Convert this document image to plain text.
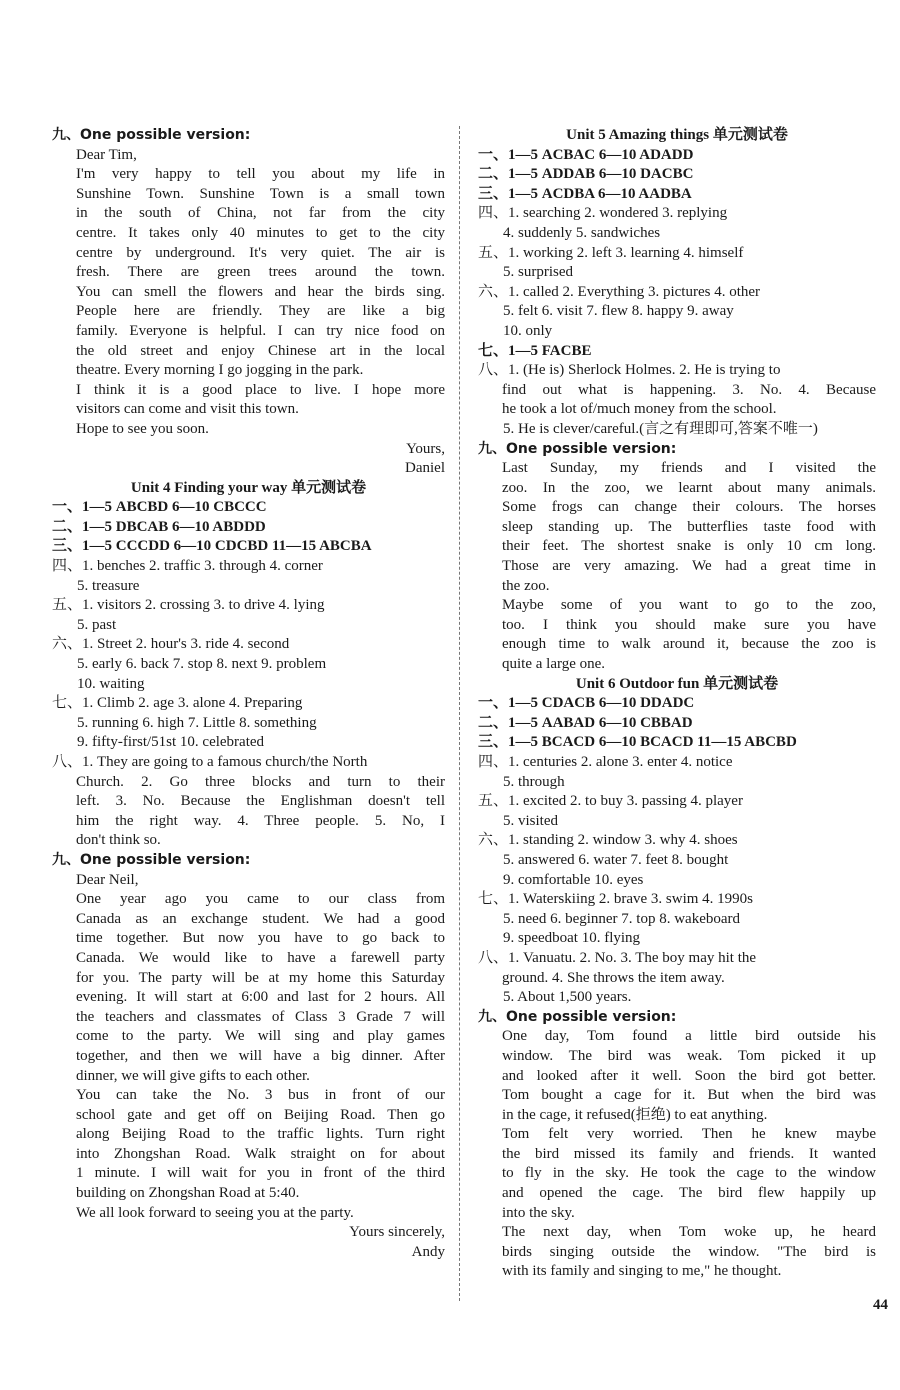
九、One possible version:
Dear Tim,
I'm very happy to tell you about my life in
Sunshine Town. Sunshine Town is a small town
in the south of China, not far from the city
centre. It takes only 40 minutes to get to the city
centre by underground. It's very quiet. The air is
fresh. There are green trees around the town.
You can smell the flowers and hear the birds sing.
People here are friendly. They are like a big
family. Everyone is helpful. I can try nice food on
the old street and enjoy Chinese art in the local
theatre. Every morning I go jogging in the park.
I think it is a good place to live. I hope more
visitors can come and visit this town.
Hope to see you soon.
Yours,
Daniel
Unit 4 Finding your way 单元测试卷
一、1—5 ABCBD 6—10 CBCCC
二、1—5 DBCAB 6—10 ABDDD
三、1—5 CCCDD 6—10 CDCBD 11—15 ABCBA
四、1. benches 2. traffic 3. through 4. corner
5. treasure
五、1. visitors 2. crossing 3. to drive 4. lying
5. past
六、1. Street 2. hour's 3. ride 4. second
5. early 6. back 7. stop 8. next 9. problem
10. waiting
七、1. Climb 2. age 3. alone 4. Preparing
5. running 6. high 7. Little 8. something
9. fifty-first/51st 10. celebrated
八、1. They are going to a famous church/the North
Church. 2. Go three blocks and turn to their
left. 3. No. Because the Englishman doesn't tell
him the right way. 4. Three people. 5. No, I
don't think so.
九、One possible version:
Dear Neil,
One year ago you came to our class from
Canada as an exchange student. We had a good
time together. But now you have to go back to
Canada. We would like to have a farewell party
for you. The party will be at my home this Saturday
evening. It will start at 6:00 and last for 2 hours. All
the teachers and classmates of Class 3 Grade 7 will
come to the party. We will sing and play games
together, and then we will have a big dinner. After
dinner, we will give gifts to each other.
You can take the No. 3 bus in front of our
school gate and get off on Beijing Road. Then go
along Beijing Road to the traffic lights. Turn right
into Zhongshan Road. Walk straight on for about
1 minute. I will wait for you in front of the third
building on Zhongshan Road at 5:40.
We all look forward to seeing you at the party.
Yours sincerely,
Andy
Unit 5 Amazing things 单元测试卷
一、1—5 ACBAC 6—10 ADADD
二、1—5 ADDAB 6—10 DACBC
三、1—5 ACDBA 6—10 AADBA
四、1. searching 2. wondered 3. replying
4. suddenly 5. sandwiches
五、1. working 2. left 3. learning 4. himself
5. surprised
六、1. called 2. Everything 3. pictures 4. other
5. felt 6. visit 7. flew 8. happy 9. away
10. only
七、1—5 FACBE
八、1. (He is) Sherlock Holmes. 2. He is trying to
find out what is happening. 3. No. 4. Because
he took a lot of/much money from the school.
5. He is clever/careful.(言之有理即可,答案不唯一)
九、One possible version:
Last Sunday, my friends and I visited the
zoo. In the zoo, we learnt about many animals.
Some frogs can change their colours. The horses
sleep standing up. The butterflies taste food with
their feet. The shortest snake is only 10 cm long.
Those are very amazing. We had a great time in
the zoo.
Maybe some of you want to go to the zoo,
too. I think you should make sure you have
enough time to walk around it, because the zoo is
quite a large one.
Unit 6 Outdoor fun 单元测试卷
一、1—5 CDACB 6—10 DDADC
二、1—5 AABAD 6—10 CBBAD
三、1—5 BCACD 6—10 BCACD 11—15 ABCBD
四、1. centuries 2. alone 3. enter 4. notice
5. through
五、1. excited 2. to buy 3. passing 4. player
5. visited
六、1. standing 2. window 3. why 4. shoes
5. answered 6. water 7. feet 8. bought
9. comfortable 10. eyes
七、1. Waterskiing 2. brave 3. swim 4. 1990s
5. need 6. beginner 7. top 8. wakeboard
9. speedboat 10. flying
八、1. Vanuatu. 2. No. 3. The boy may hit the
ground. 4. She throws the item away.
5. About 1,500 years.
九、One possible version:
One day, Tom found a little bird outside his
window. The bird was weak. Tom picked it up
and looked after it well. Soon the bird got better.
Tom bought a cage for it. But when the bird was
in the cage, it refused(拒绝) to eat anything.
Tom felt very worried. Then he knew maybe
the bird missed its family and friends. It wanted
to fly in the sky. He took the cage to the window
and opened the cage. The bird flew happily up
into the sky.
The next day, when Tom woke up, he heard
birds singing outside the window. "The bird is
with its family and singing to me," he thought.
44
